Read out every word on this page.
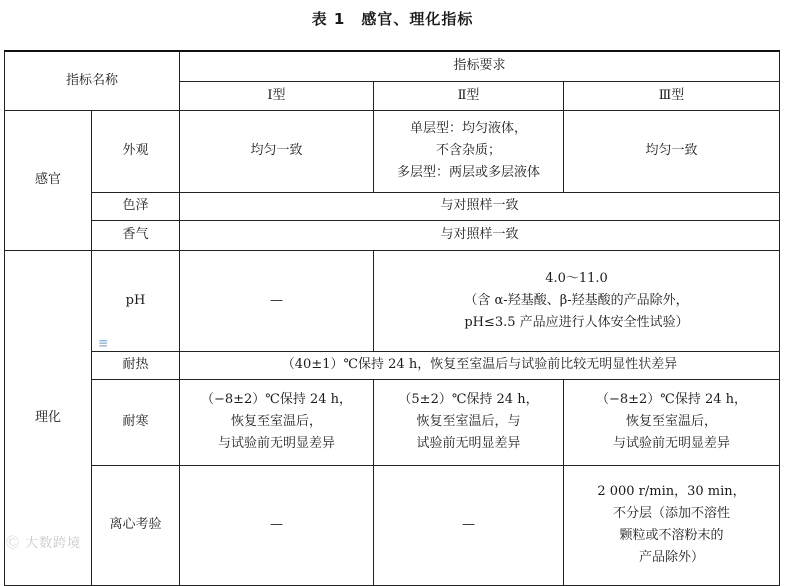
表 1　感官、理化指标
指标名称		指标要求		
		Ⅰ型	Ⅱ型	Ⅲ型
感官	外观	均匀一致	单层型：均匀液体，
不含杂质；
多层型：两层或多层液体	均匀一致
	色泽	与对照样一致		
	香气	与对照样一致		
理化	pH	—	4.0～11.0
（含 α-羟基酸、β-羟基酸的产品除外，
pH≤3.5 产品应进行人体安全性试验）	

	耐热	（40±1）℃保持 24 h，恢复至室温后与试验前比较无明显性状差异		
	耐寒	（−8±2）℃保持 24 h，
恢复至室温后，
与试验前无明显差异	（5±2）℃保持 24 h，
恢复至室温后，与
试验前无明显差异	（−8±2）℃保持 24 h，
恢复至室温后，
与试验前无明显差异

	离心考验	—	—	2 000 r/min，30 min，
不分层（添加不溶性
颗粒或不溶粉末的
产品除外）
≡
Ⓒ 大数跨境
